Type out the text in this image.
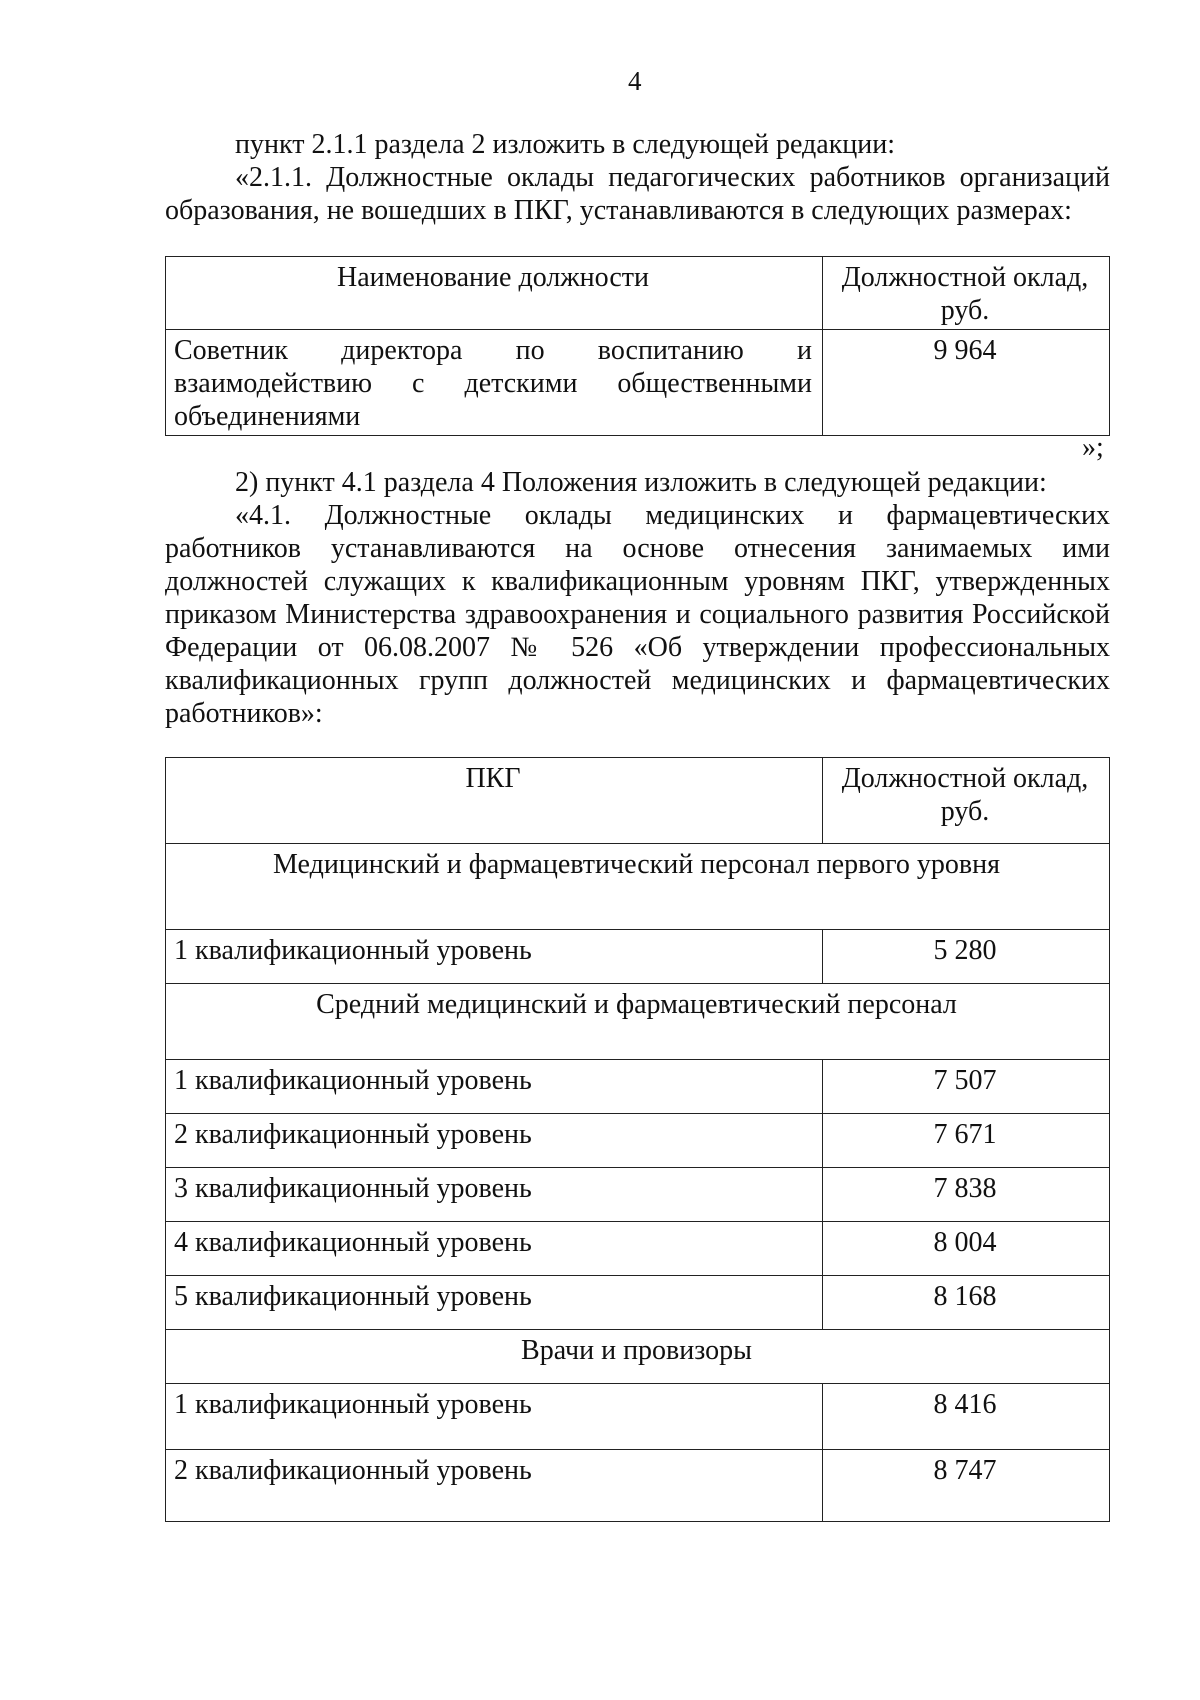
4

пункт 2.1.1 раздела 2 изложить в следующей редакции:

«2.1.1. Должностные оклады педагогических работников организаций образования, не вошедших в ПКГ, устанавливаются в следующих размерах:

Наименование должности	Должностной оклад, руб.

Советник директора по воспитанию и взаимодействию с детскими общественными объединениями	9 964
»;

2) пункт 4.1 раздела 4 Положения изложить в следующей редакции:

«4.1. Должностные оклады медицинских и фармацевтических работников устанавливаются на основе отнесения занимаемых ими должностей служащих к квалификационным уровням ПКГ, утвержденных приказом Министерства здравоохранения и социального развития Российской Федерации от 06.08.2007 № 526 «Об утверждении профессиональных квалификационных групп должностей медицинских и фармацевтических работников»:

ПКГ	Должностной оклад, руб.
Медицинский и фармацевтический персонал первого уровня	
1 квалификационный уровень	5 280
Средний медицинский и фармацевтический персонал	
1 квалификационный уровень	7 507
2 квалификационный уровень	7 671
3 квалификационный уровень	7 838
4 квалификационный уровень	8 004
5 квалификационный уровень	8 168
Врачи и провизоры	
1 квалификационный уровень	8 416
2 квалификационный уровень	8 747
